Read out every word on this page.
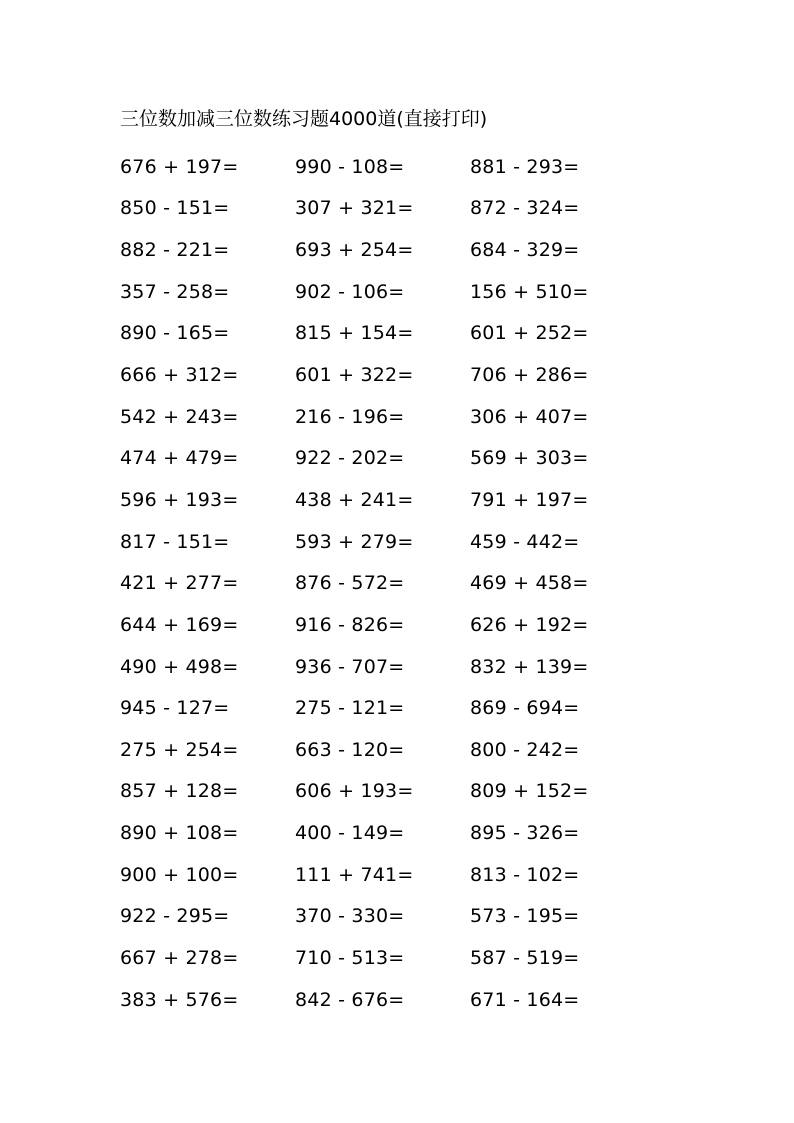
三位数加减三位数练习题4000道(直接打印)
676 + 197=	990 - 108=	881 - 293=
850 - 151=	307 + 321=	872 - 324=
882 - 221=	693 + 254=	684 - 329=
357 - 258=	902 - 106=	156 + 510=
890 - 165=	815 + 154=	601 + 252=
666 + 312=	601 + 322=	706 + 286=
542 + 243=	216 - 196=	306 + 407=
474 + 479=	922 - 202=	569 + 303=
596 + 193=	438 + 241=	791 + 197=
817 - 151=	593 + 279=	459 - 442=
421 + 277=	876 - 572=	469 + 458=
644 + 169=	916 - 826=	626 + 192=
490 + 498=	936 - 707=	832 + 139=
945 - 127=	275 - 121=	869 - 694=
275 + 254=	663 - 120=	800 - 242=
857 + 128=	606 + 193=	809 + 152=
890 + 108=	400 - 149=	895 - 326=
900 + 100=	111 + 741=	813 - 102=
922 - 295=	370 - 330=	573 - 195=
667 + 278=	710 - 513=	587 - 519=
383 + 576=	842 - 676=	671 - 164=
